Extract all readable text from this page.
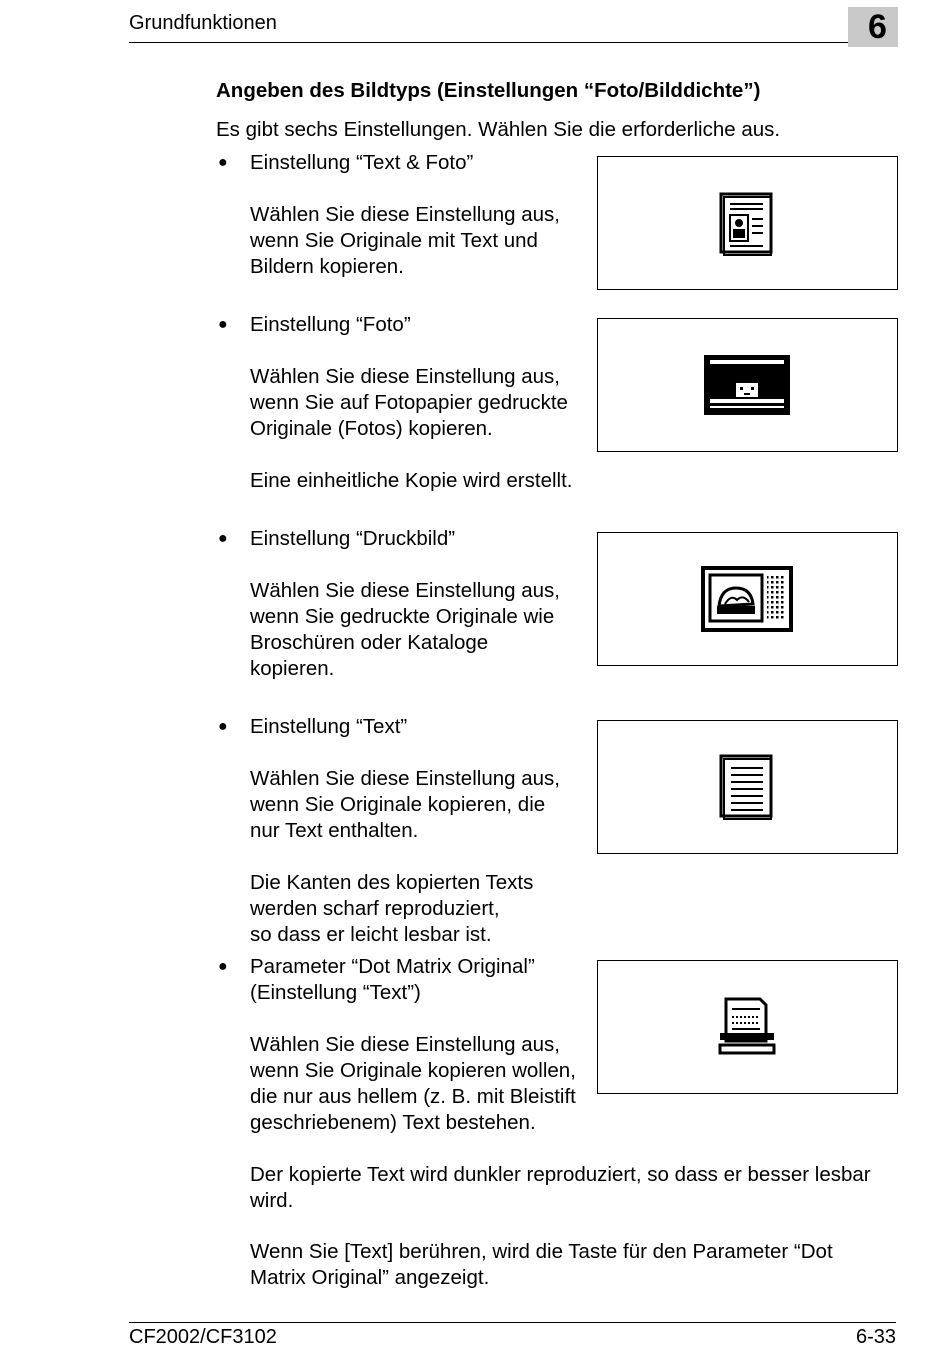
Grundfunktionen	6
Angeben des Bildtyps (Einstellungen “Foto/Bilddichte”)
Es gibt sechs Einstellungen. Wählen Sie die erforderliche aus.
●	Einstellung “Text & Foto”
Wählen Sie diese Einstellung aus,
wenn Sie Originale mit Text und
Bildern kopieren.
●	Einstellung “Foto”
Wählen Sie diese Einstellung aus,
wenn Sie auf Fotopapier gedruckte
Originale (Fotos) kopieren.
Eine einheitliche Kopie wird erstellt.
●	Einstellung “Druckbild”
Wählen Sie diese Einstellung aus,
wenn Sie gedruckte Originale wie
Broschüren oder Kataloge
kopieren.
●	Einstellung “Text”
Wählen Sie diese Einstellung aus,
wenn Sie Originale kopieren, die
nur Text enthalten.
Die Kanten des kopierten Texts
werden scharf reproduziert,
so dass er leicht lesbar ist.
●	Parameter “Dot Matrix Original”
(Einstellung “Text”)
Wählen Sie diese Einstellung aus,
wenn Sie Originale kopieren wollen,
die nur aus hellem (z. B. mit Bleistift
geschriebenem) Text bestehen.
Der kopierte Text wird dunkler reproduziert, so dass er besser lesbar
wird.
Wenn Sie [Text] berühren, wird die Taste für den Parameter “Dot
Matrix Original” angezeigt.
CF2002/CF3102	6-33
